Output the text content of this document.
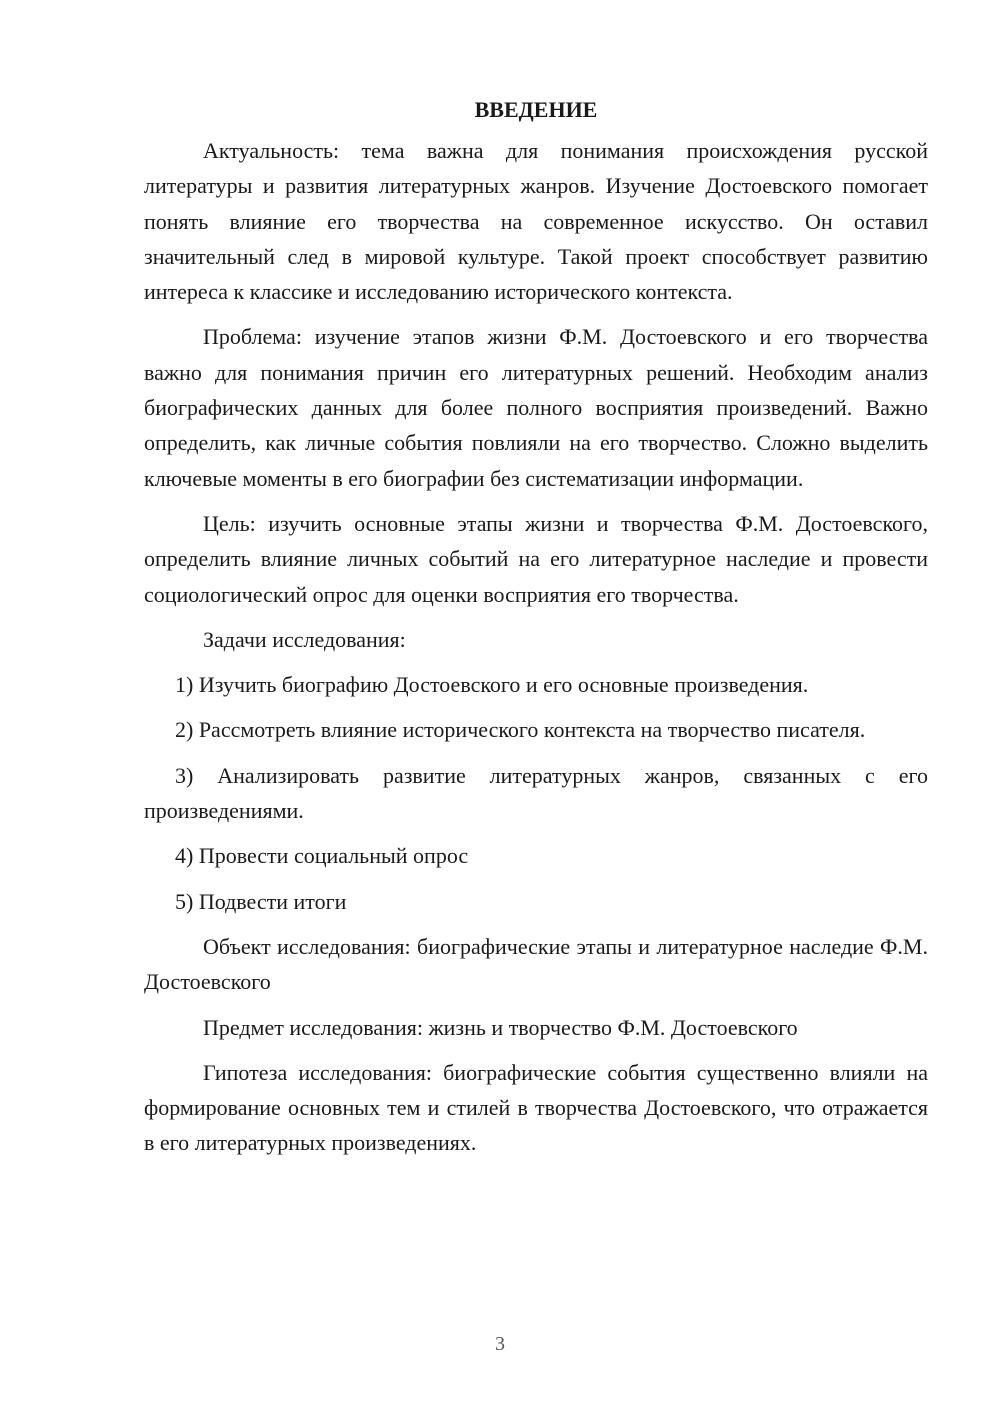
ВВЕДЕНИЕ

Актуальность: тема важна для понимания происхождения русской литературы и развития литературных жанров. Изучение Достоевского помогает понять влияние его творчества на современное искусство. Он оставил значительный след в мировой культуре. Такой проект способствует развитию интереса к классике и исследованию исторического контекста.

Проблема: изучение этапов жизни Ф.М. Достоевского и его творчества важно для понимания причин его литературных решений. Необходим анализ биографических данных для более полного восприятия произведений. Важно определить, как личные события повлияли на его творчество. Сложно выделить ключевые моменты в его биографии без систематизации информации.

Цель: изучить основные этапы жизни и творчества Ф.М. Достоевского, определить влияние личных событий на его литературное наследие и провести социологический опрос для оценки восприятия его творчества.

Задачи исследования:

1) Изучить биографию Достоевского и его основные произведения.

2) Рассмотреть влияние исторического контекста на творчество писателя.

3) Анализировать развитие литературных жанров, связанных с его произведениями.

4) Провести социальный опрос

5) Подвести итоги

Объект исследования: биографические этапы и литературное наследие Ф.М. Достоевского

Предмет исследования: жизнь и творчество Ф.М. Достоевского

Гипотеза исследования: биографические события существенно влияли на формирование основных тем и стилей в творчества Достоевского, что отражается в его литературных произведениях.

3
